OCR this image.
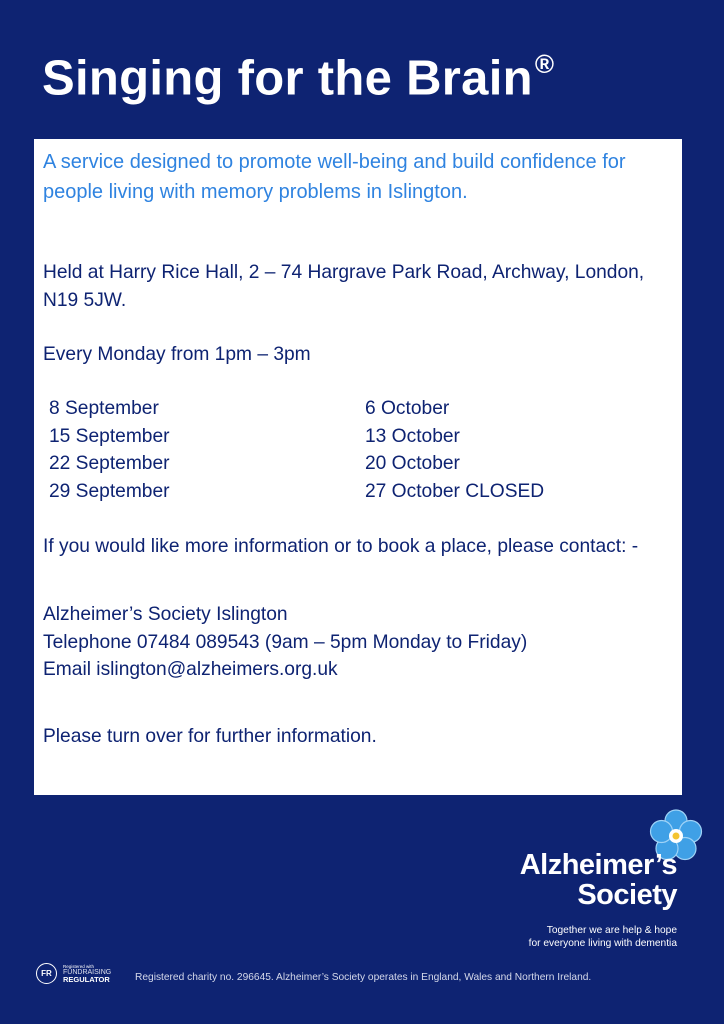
Singing for the Brain®

A service designed to promote well-being and build confidence for people living with memory problems in Islington.

Held at Harry Rice Hall, 2 – 74 Hargrave Park Road, Archway, London, N19 5JW.

Every Monday from 1pm – 3pm

8 September
15 September
22 September
29 September
6 October
13 October
20 October
27 October CLOSED

If you would like more information or to book a place, please contact: -

Alzheimer’s Society Islington
Telephone 07484 089543 (9am – 5pm Monday to Friday)
Email islington@alzheimers.org.uk

Please turn over for further information.

Alzheimer’s
Society
Together we are help & hope
for everyone living with dementia
FR
Registered with
FUNDRAISING
REGULATOR Registered charity no. 296645. Alzheimer’s Society operates in England, Wales and Northern Ireland.
